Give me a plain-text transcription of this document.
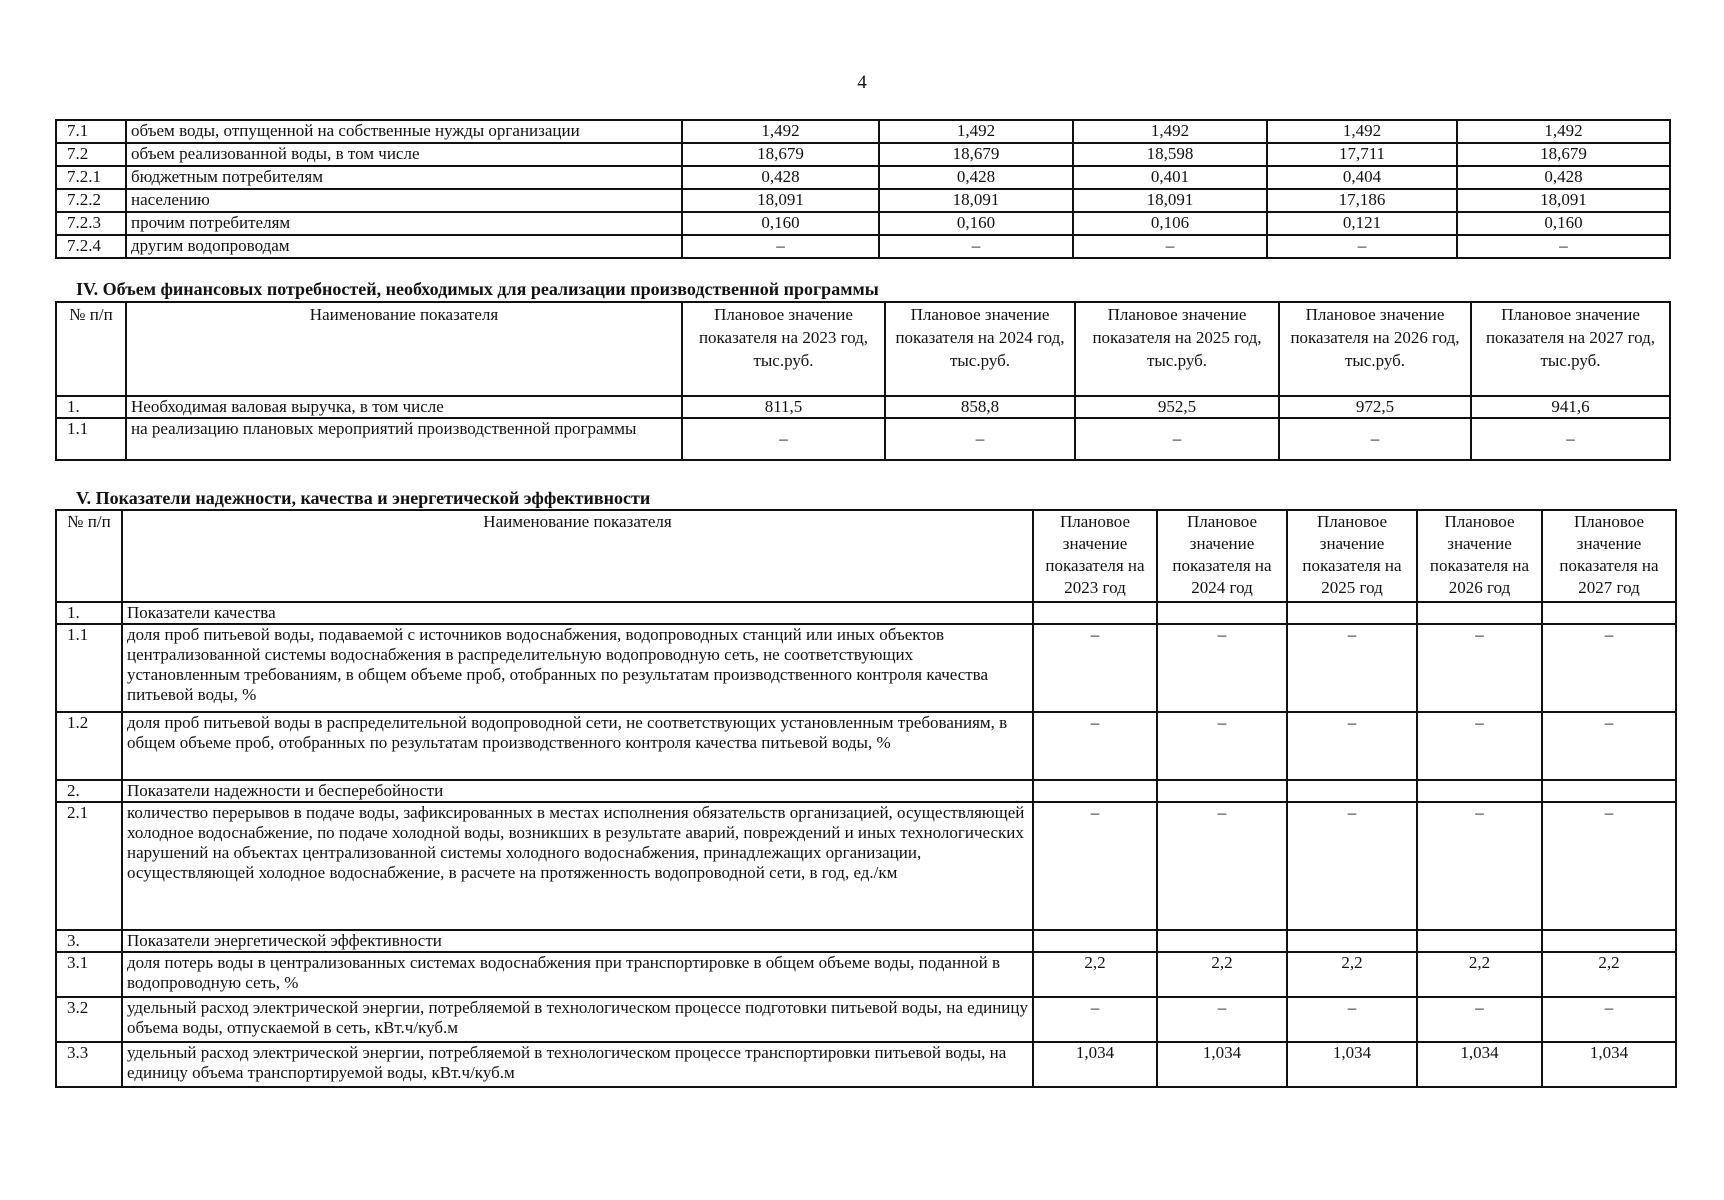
4
7.1	объем воды, отпущенной на собственные нужды организации	1,492	1,492	1,492	1,492	1,492
7.2	объем реализованной воды, в том числе	18,679	18,679	18,598	17,711	18,679
7.2.1	бюджетным потребителям	0,428	0,428	0,401	0,404	0,428
7.2.2	населению	18,091	18,091	18,091	17,186	18,091
7.2.3	прочим потребителям	0,160	0,160	0,106	0,121	0,160
7.2.4	другим водопроводам	–	–	–	–	–
IV. Объем финансовых потребностей, необходимых для реализации производственной программы
№ п/п	Наименование показателя	Плановое значение показателя на 2023 год, тыс.руб.	Плановое значение показателя на 2024 год, тыс.руб.	Плановое значение показателя на 2025 год, тыс.руб.	Плановое значение показателя на 2026 год, тыс.руб.	Плановое значение показателя на 2027 год, тыс.руб.
1.	Необходимая валовая выручка, в том числе	811,5	858,8	952,5	972,5	941,6
1.1	на реализацию плановых мероприятий производственной программы	–	–	–	–	–
V. Показатели надежности, качества и энергетической эффективности
№ п/п	Наименование показателя	Плановое значение показателя на 2023 год	Плановое значение показателя на 2024 год	Плановое значение показателя на 2025 год	Плановое значение показателя на 2026 год	Плановое значение показателя на 2027 год
1.	Показатели качества					
1.1	доля проб питьевой воды, подаваемой с источников водоснабжения, водопроводных станций или иных объектов централизованной системы водоснабжения в распределительную водопроводную сеть, не соответствующих установленным требованиям, в общем объеме проб, отобранных по результатам производственного контроля качества питьевой воды, %	–	–	–	–	–
1.2	доля проб питьевой воды в распределительной водопроводной сети, не соответствующих установленным требованиям, в общем объеме проб, отобранных по результатам производственного контроля качества питьевой воды, %	–	–	–	–	–
2.	Показатели надежности и бесперебойности					
2.1	количество перерывов в подаче воды, зафиксированных в местах исполнения обязательств организацией, осуществляющей холодное водоснабжение, по подаче холодной воды, возникших в результате аварий, повреждений и иных технологических нарушений на объектах централизованной системы холодного водоснабжения, принадлежащих организации, осуществляющей холодное водоснабжение, в расчете на протяженность водопроводной сети, в год, ед./км	–	–	–	–	–
3.	Показатели энергетической эффективности					
3.1	доля потерь воды в централизованных системах водоснабжения при транспортировке в общем объеме воды, поданной в водопроводную сеть, %	2,2	2,2	2,2	2,2	2,2
3.2	удельный расход электрической энергии, потребляемой в технологическом процессе подготовки питьевой воды, на единицу объема воды, отпускаемой в сеть, кВт.ч/куб.м	–	–	–	–	–
3.3	удельный расход электрической энергии, потребляемой в технологическом процессе транспортировки питьевой воды, на единицу объема транспортируемой воды, кВт.ч/куб.м	1,034	1,034	1,034	1,034	1,034
